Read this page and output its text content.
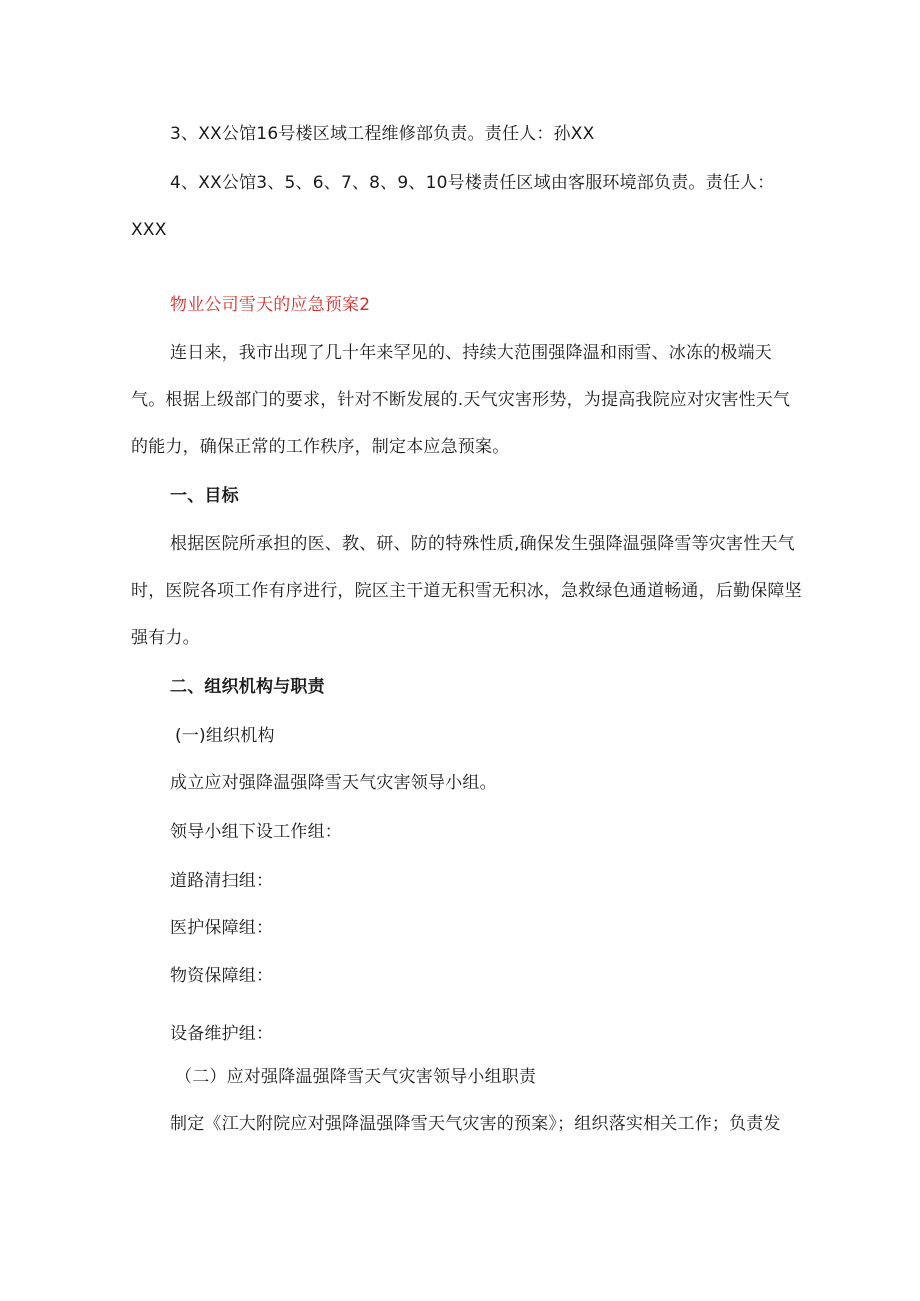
3、XX公馆16号楼区域工程维修部负责。责任人：孙XX
4、XX公馆3、5、6、7、8、9、10号楼责任区域由客服环境部负责。责任人：
XXX
物业公司雪天的应急预案2
连日来，我市出现了几十年来罕见的、持续大范围强降温和雨雪、冰冻的极端天
气。根据上级部门的要求，针对不断发展的.天气灾害形势，为提高我院应对灾害性天气
的能力，确保正常的工作秩序，制定本应急预案。
一、目标
根据医院所承担的医、教、研、防的特殊性质,确保发生强降温强降雪等灾害性天气
时，医院各项工作有序进行，院区主干道无积雪无积冰，急救绿色通道畅通，后勤保障坚
强有力。
二、组织机构与职责
(一)组织机构
成立应对强降温强降雪天气灾害领导小组。
领导小组下设工作组：
道路清扫组：
医护保障组：
物资保障组：
设备维护组：
（二）应对强降温强降雪天气灾害领导小组职责
制定《江大附院应对强降温强降雪天气灾害的预案》；组织落实相关工作；负责发
